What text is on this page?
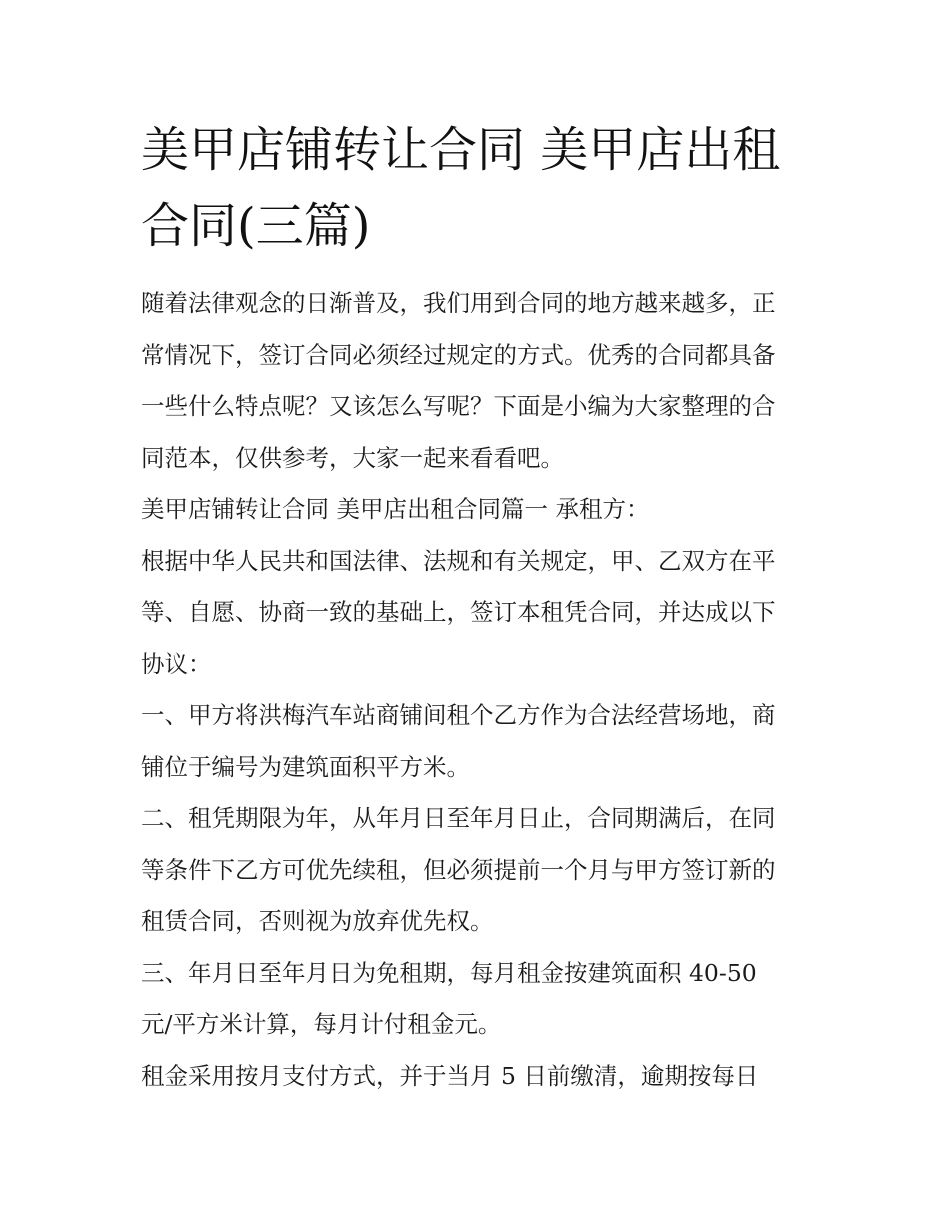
美甲店铺转让合同 美甲店出租
合同(三篇)
随着法律观念的日渐普及，我们用到合同的地方越来越多，正
常情况下，签订合同必须经过规定的方式。优秀的合同都具备
一些什么特点呢？又该怎么写呢？下面是小编为大家整理的合
同范本，仅供参考，大家一起来看看吧。
美甲店铺转让合同 美甲店出租合同篇一 承租方：
根据中华人民共和国法律、法规和有关规定，甲、乙双方在平
等、自愿、协商一致的基础上，签订本租凭合同，并达成以下
协议：
一、甲方将洪梅汽车站商铺间租个乙方作为合法经营场地，商
铺位于编号为建筑面积平方米。
二、租凭期限为年，从年月日至年月日止，合同期满后，在同
等条件下乙方可优先续租，但必须提前一个月与甲方签订新的
租赁合同，否则视为放弃优先权。
三、年月日至年月日为免租期，每月租金按建筑面积 40-50
元/平方米计算，每月计付租金元。
租金采用按月支付方式，并于当月 5 日前缴清，逾期按每日
